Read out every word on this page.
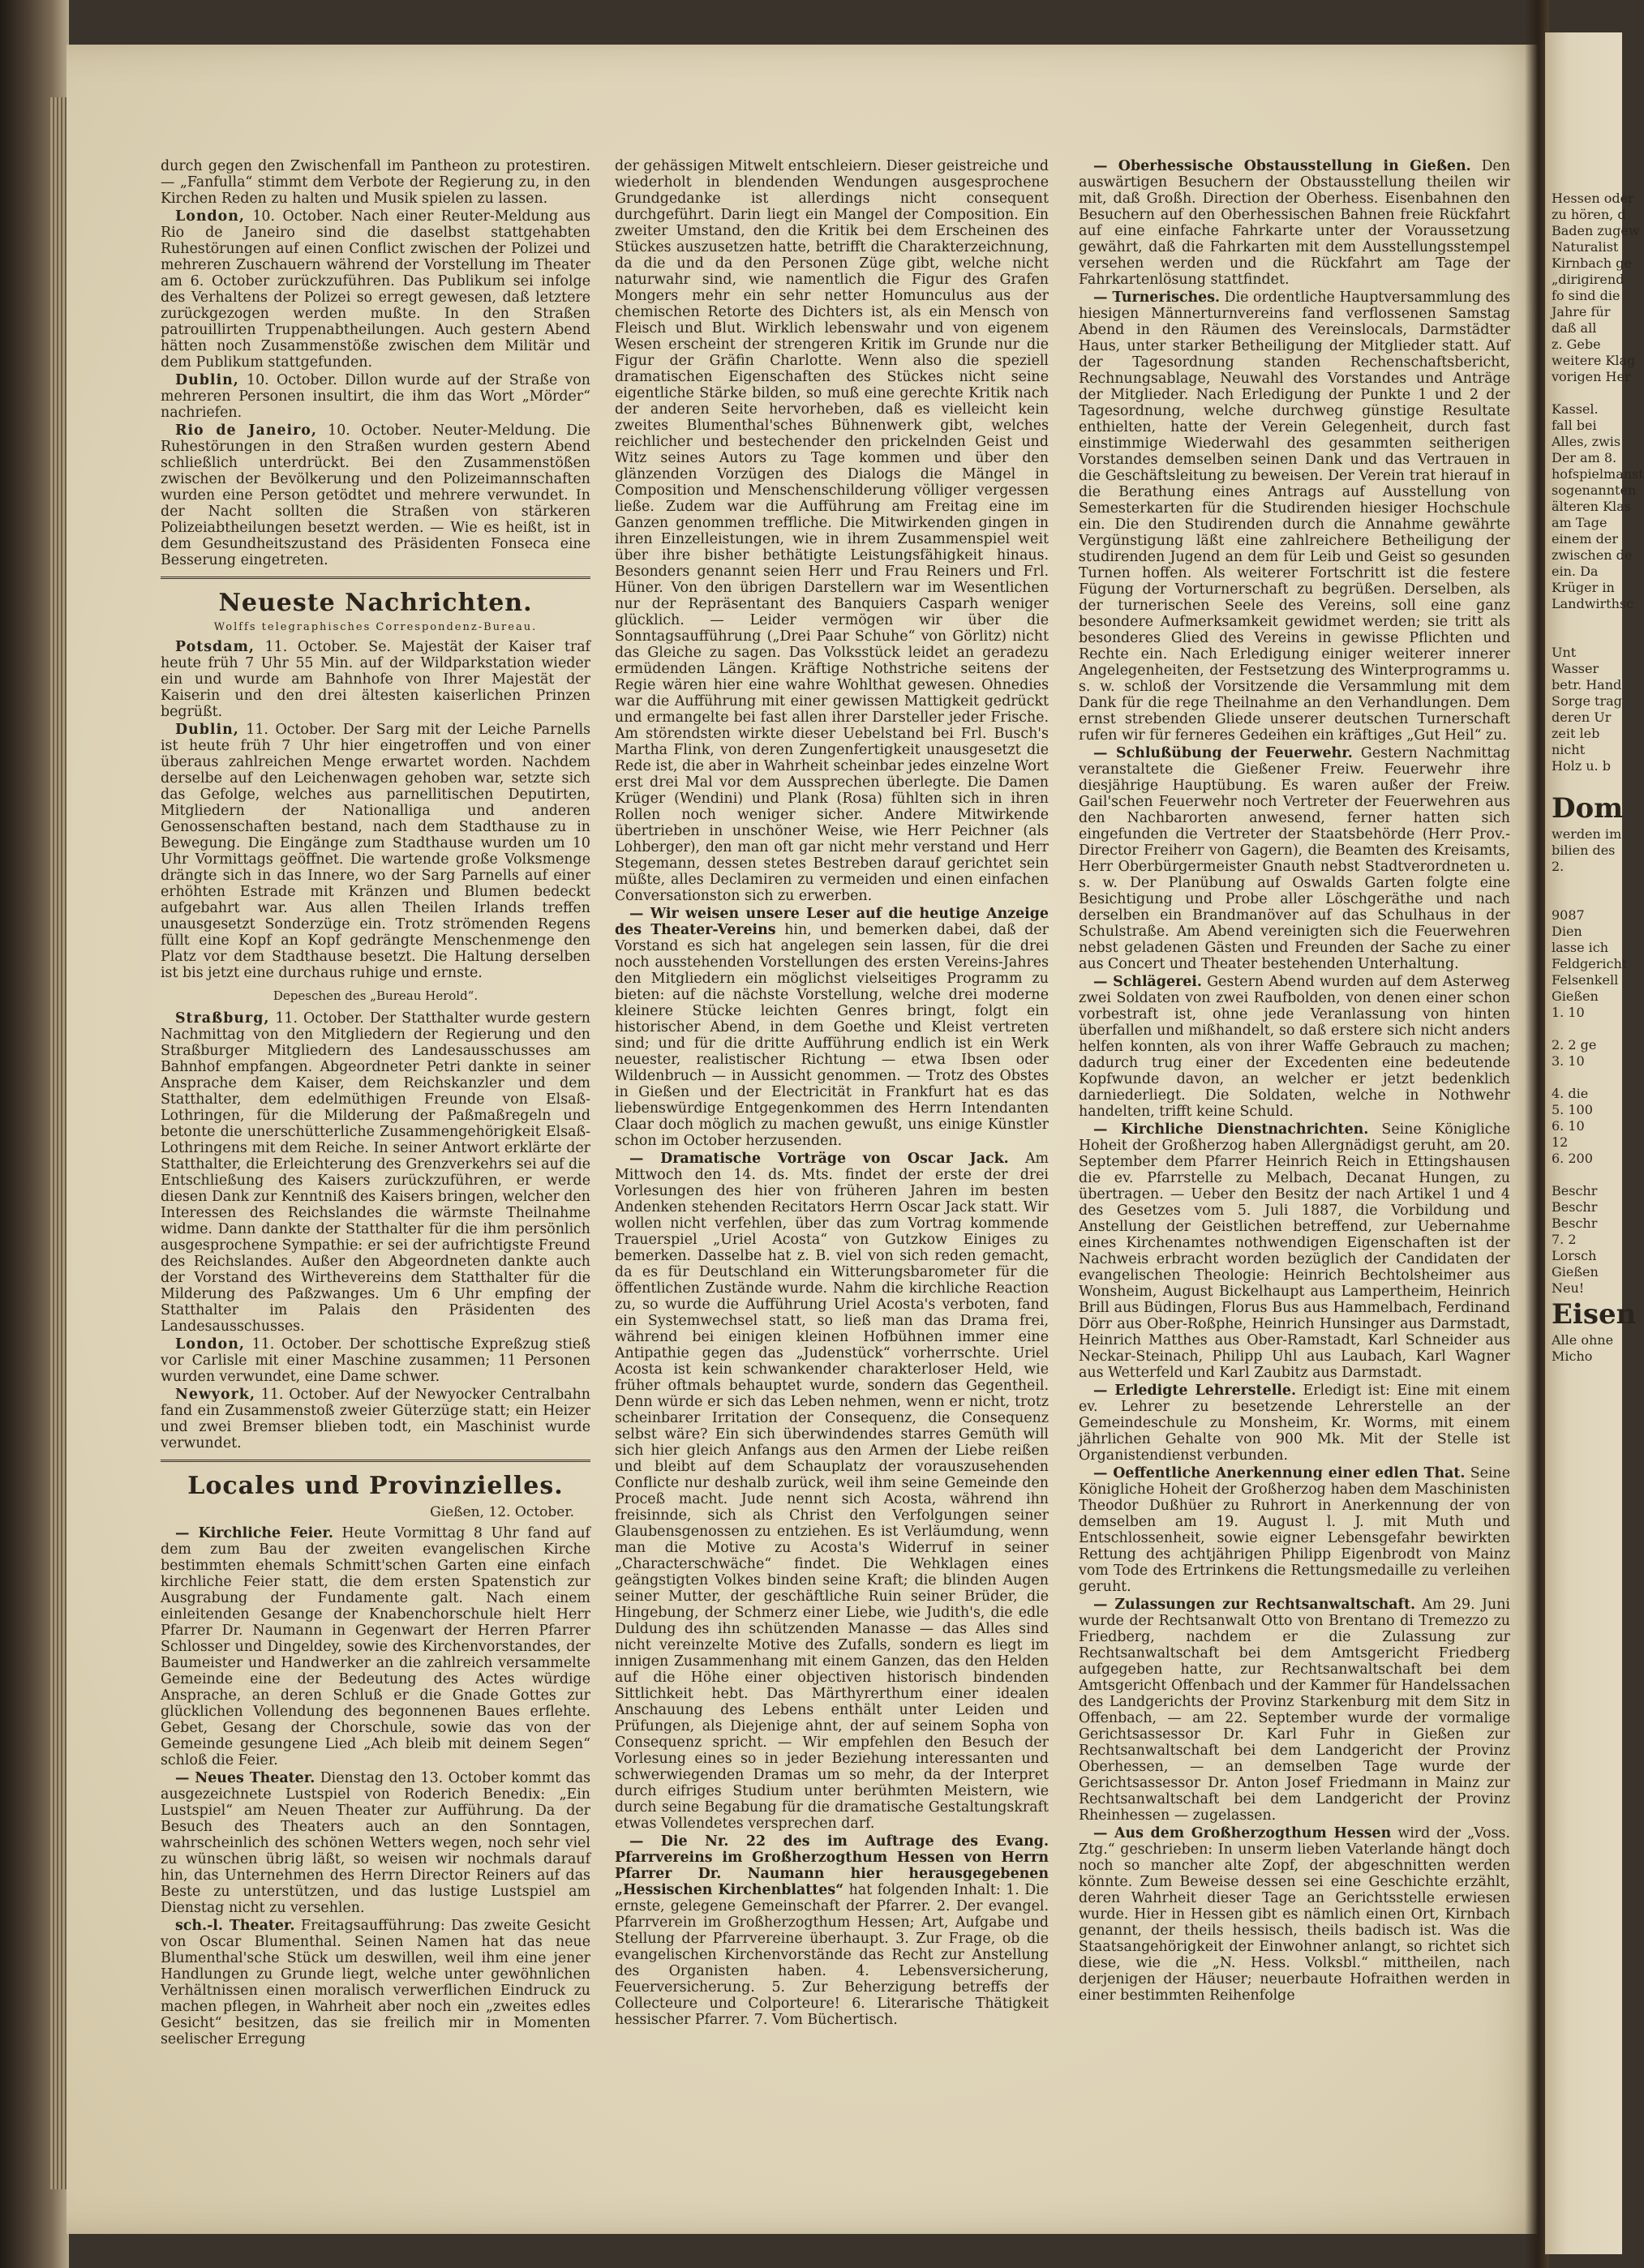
durch gegen den Zwischenfall im Pantheon zu protestiren. — „Fanfulla“ stimmt dem Verbote der Regierung zu, in den Kirchen Reden zu halten und Musik spielen zu lassen.

London, 10. October. Nach einer Reuter-Meldung aus Rio de Janeiro sind die daselbst stattgehabten Ruhestörungen auf einen Conflict zwischen der Polizei und mehreren Zuschauern während der Vorstellung im Theater am 6. October zurückzuführen. Das Publikum sei infolge des Verhaltens der Polizei so erregt gewesen, daß letztere zurückgezogen werden mußte. In den Straßen patrouillirten Truppenabtheilungen. Auch gestern Abend hätten noch Zusammenstöße zwischen dem Militär und dem Publikum stattgefunden.

Dublin, 10. October. Dillon wurde auf der Straße von mehreren Personen insultirt, die ihm das Wort „Mörder“ nachriefen.

Rio de Janeiro, 10. October. Neuter-Meldung. Die Ruhestörungen in den Straßen wurden gestern Abend schließlich unterdrückt. Bei den Zusammenstößen zwischen der Bevölkerung und den Polizeimannschaften wurden eine Person getödtet und mehrere verwundet. In der Nacht sollten die Straßen von stärkeren Polizeiabtheilungen besetzt werden. — Wie es heißt, ist in dem Gesundheitszustand des Präsidenten Fonseca eine Besserung eingetreten.

Neueste Nachrichten.
Wolffs telegraphisches Correspondenz-Bureau.

Potsdam, 11. October. Se. Majestät der Kaiser traf heute früh 7 Uhr 55 Min. auf der Wildparkstation wieder ein und wurde am Bahnhofe von Ihrer Majestät der Kaiserin und den drei ältesten kaiserlichen Prinzen begrüßt.

Dublin, 11. October. Der Sarg mit der Leiche Parnells ist heute früh 7 Uhr hier eingetroffen und von einer überaus zahlreichen Menge erwartet worden. Nachdem derselbe auf den Leichenwagen gehoben war, setzte sich das Gefolge, welches aus parnellitischen Deputirten, Mitgliedern der Nationalliga und anderen Genossenschaften bestand, nach dem Stadthause zu in Bewegung. Die Eingänge zum Stadthause wurden um 10 Uhr Vormittags geöffnet. Die wartende große Volksmenge drängte sich in das Innere, wo der Sarg Parnells auf einer erhöhten Estrade mit Kränzen und Blumen bedeckt aufgebahrt war. Aus allen Theilen Irlands treffen unausgesetzt Sonderzüge ein. Trotz strömenden Regens füllt eine Kopf an Kopf gedrängte Menschenmenge den Platz vor dem Stadthause besetzt. Die Haltung derselben ist bis jetzt eine durchaus ruhige und ernste.

Depeschen des „Bureau Herold“.

Straßburg, 11. October. Der Statthalter wurde gestern Nachmittag von den Mitgliedern der Regierung und den Straßburger Mitgliedern des Landesausschusses am Bahnhof empfangen. Abgeordneter Petri dankte in seiner Ansprache dem Kaiser, dem Reichskanzler und dem Statthalter, dem edelmüthigen Freunde von Elsaß-Lothringen, für die Milderung der Paßmaßregeln und betonte die unerschütterliche Zusammengehörigkeit Elsaß-Lothringens mit dem Reiche. In seiner Antwort erklärte der Statthalter, die Erleichterung des Grenzverkehrs sei auf die Entschließung des Kaisers zurückzuführen, er werde diesen Dank zur Kenntniß des Kaisers bringen, welcher den Interessen des Reichslandes die wärmste Theilnahme widme. Dann dankte der Statthalter für die ihm persönlich ausgesprochene Sympathie: er sei der aufrichtigste Freund des Reichslandes. Außer den Abgeordneten dankte auch der Vorstand des Wirthevereins dem Statthalter für die Milderung des Paßzwanges. Um 6 Uhr empfing der Statthalter im Palais den Präsidenten des Landesausschusses.

London, 11. October. Der schottische Expreßzug stieß vor Carlisle mit einer Maschine zusammen; 11 Personen wurden verwundet, eine Dame schwer.

Newyork, 11. October. Auf der Newyocker Centralbahn fand ein Zusammenstoß zweier Güterzüge statt; ein Heizer und zwei Bremser blieben todt, ein Maschinist wurde verwundet.

Locales und Provinzielles.
Gießen, 12. October.

— Kirchliche Feier. Heute Vormittag 8 Uhr fand auf dem zum Bau der zweiten evangelischen Kirche bestimmten ehemals Schmitt'schen Garten eine einfach kirchliche Feier statt, die dem ersten Spatenstich zur Ausgrabung der Fundamente galt. Nach einem einleitenden Gesange der Knabenchorschule hielt Herr Pfarrer Dr. Naumann in Gegenwart der Herren Pfarrer Schlosser und Dingeldey, sowie des Kirchenvorstandes, der Baumeister und Handwerker an die zahlreich versammelte Gemeinde eine der Bedeutung des Actes würdige Ansprache, an deren Schluß er die Gnade Gottes zur glücklichen Vollendung des begonnenen Baues erflehte. Gebet, Gesang der Chorschule, sowie das von der Gemeinde gesungene Lied „Ach bleib mit deinem Segen“ schloß die Feier.

— Neues Theater. Dienstag den 13. October kommt das ausgezeichnete Lustspiel von Roderich Benedix: „Ein Lustspiel“ am Neuen Theater zur Aufführung. Da der Besuch des Theaters auch an den Sonntagen, wahrscheinlich des schönen Wetters wegen, noch sehr viel zu wünschen übrig läßt, so weisen wir nochmals darauf hin, das Unternehmen des Herrn Director Reiners auf das Beste zu unterstützen, und das lustige Lustspiel am Dienstag nicht zu versehlen.

sch.-l. Theater. Freitagsaufführung: Das zweite Gesicht von Oscar Blumenthal. Seinen Namen hat das neue Blumenthal'sche Stück um deswillen, weil ihm eine jener Handlungen zu Grunde liegt, welche unter gewöhnlichen Verhältnissen einen moralisch verwerflichen Eindruck zu machen pflegen, in Wahrheit aber noch ein „zweites edles Gesicht“ besitzen, das sie freilich mir in Momenten seelischer Erregung

der gehässigen Mitwelt entschleiern. Dieser geistreiche und wiederholt in blendenden Wendungen ausgesprochene Grundgedanke ist allerdings nicht consequent durchgeführt. Darin liegt ein Mangel der Composition. Ein zweiter Umstand, den die Kritik bei dem Erscheinen des Stückes auszusetzen hatte, betrifft die Charakterzeichnung, da die und da den Personen Züge gibt, welche nicht naturwahr sind, wie namentlich die Figur des Grafen Mongers mehr ein sehr netter Homunculus aus der chemischen Retorte des Dichters ist, als ein Mensch von Fleisch und Blut. Wirklich lebenswahr und von eigenem Wesen erscheint der strengeren Kritik im Grunde nur die Figur der Gräfin Charlotte. Wenn also die speziell dramatischen Eigenschaften des Stückes nicht seine eigentliche Stärke bilden, so muß eine gerechte Kritik nach der anderen Seite hervorheben, daß es vielleicht kein zweites Blumenthal'sches Bühnenwerk gibt, welches reichlicher und bestechender den prickelnden Geist und Witz seines Autors zu Tage kommen und über den glänzenden Vorzügen des Dialogs die Mängel in Composition und Menschenschilderung völliger vergessen ließe. Zudem war die Aufführung am Freitag eine im Ganzen genommen treffliche. Die Mitwirkenden gingen in ihren Einzelleistungen, wie in ihrem Zusammenspiel weit über ihre bisher bethätigte Leistungsfähigkeit hinaus. Besonders genannt seien Herr und Frau Reiners und Frl. Hüner. Von den übrigen Darstellern war im Wesentlichen nur der Repräsentant des Banquiers Casparh weniger glücklich. — Leider vermögen wir über die Sonntagsaufführung („Drei Paar Schuhe“ von Görlitz) nicht das Gleiche zu sagen. Das Volksstück leidet an geradezu ermüdenden Längen. Kräftige Nothstriche seitens der Regie wären hier eine wahre Wohlthat gewesen. Ohnedies war die Aufführung mit einer gewissen Mattigkeit gedrückt und ermangelte bei fast allen ihrer Darsteller jeder Frische. Am störendsten wirkte dieser Uebelstand bei Frl. Busch's Martha Flink, von deren Zungenfertigkeit unausgesetzt die Rede ist, die aber in Wahrheit scheinbar jedes einzelne Wort erst drei Mal vor dem Aussprechen überlegte. Die Damen Krüger (Wendini) und Plank (Rosa) fühlten sich in ihren Rollen noch weniger sicher. Andere Mitwirkende übertrieben in unschöner Weise, wie Herr Peichner (als Lohberger), den man oft gar nicht mehr verstand und Herr Stegemann, dessen stetes Bestreben darauf gerichtet sein müßte, alles Declamiren zu vermeiden und einen einfachen Conversationston sich zu erwerben.

— Wir weisen unsere Leser auf die heutige Anzeige des Theater-Vereins hin, und bemerken dabei, daß der Vorstand es sich hat angelegen sein lassen, für die drei noch ausstehenden Vorstellungen des ersten Vereins-Jahres den Mitgliedern ein möglichst vielseitiges Programm zu bieten: auf die nächste Vorstellung, welche drei moderne kleinere Stücke leichten Genres bringt, folgt ein historischer Abend, in dem Goethe und Kleist vertreten sind; und für die dritte Aufführung endlich ist ein Werk neuester, realistischer Richtung — etwa Ibsen oder Wildenbruch — in Aussicht genommen. — Trotz des Obstes in Gießen und der Electricität in Frankfurt hat es das liebenswürdige Entgegenkommen des Herrn Intendanten Claar doch möglich zu machen gewußt, uns einige Künstler schon im October herzusenden.

— Dramatische Vorträge von Oscar Jack. Am Mittwoch den 14. ds. Mts. findet der erste der drei Vorlesungen des hier von früheren Jahren im besten Andenken stehenden Recitators Herrn Oscar Jack statt. Wir wollen nicht verfehlen, über das zum Vortrag kommende Trauerspiel „Uriel Acosta“ von Gutzkow Einiges zu bemerken. Dasselbe hat z. B. viel von sich reden gemacht, da es für Deutschland ein Witterungsbarometer für die öffentlichen Zustände wurde. Nahm die kirchliche Reaction zu, so wurde die Aufführung Uriel Acosta's verboten, fand ein Systemwechsel statt, so ließ man das Drama frei, während bei einigen kleinen Hofbühnen immer eine Antipathie gegen das „Judenstück“ vorherrschte. Uriel Acosta ist kein schwankender charakterloser Held, wie früher oftmals behauptet wurde, sondern das Gegentheil. Denn würde er sich das Leben nehmen, wenn er nicht, trotz scheinbarer Irritation der Consequenz, die Consequenz selbst wäre? Ein sich überwindendes starres Gemüth will sich hier gleich Anfangs aus den Armen der Liebe reißen und bleibt auf dem Schauplatz der vorauszusehenden Conflicte nur deshalb zurück, weil ihm seine Gemeinde den Proceß macht. Jude nennt sich Acosta, während ihn freisinnde, sich als Christ den Verfolgungen seiner Glaubensgenossen zu entziehen. Es ist Verläumdung, wenn man die Motive zu Acosta's Widerruf in seiner „Characterschwäche“ findet. Die Wehklagen eines geängstigten Volkes binden seine Kraft; die blinden Augen seiner Mutter, der geschäftliche Ruin seiner Brüder, die Hingebung, der Schmerz einer Liebe, wie Judith's, die edle Duldung des ihn schützenden Manasse — das Alles sind nicht vereinzelte Motive des Zufalls, sondern es liegt im innigen Zusammenhang mit einem Ganzen, das den Helden auf die Höhe einer objectiven historisch bindenden Sittlichkeit hebt. Das Märthyrerthum einer idealen Anschauung des Lebens enthält unter Leiden und Prüfungen, als Diejenige ahnt, der auf seinem Sopha von Consequenz spricht. — Wir empfehlen den Besuch der Vorlesung eines so in jeder Beziehung interessanten und schwerwiegenden Dramas um so mehr, da der Interpret durch eifriges Studium unter berühmten Meistern, wie durch seine Begabung für die dramatische Gestaltungskraft etwas Vollendetes versprechen darf.

— Die Nr. 22 des im Auftrage des Evang. Pfarrvereins im Großherzogthum Hessen von Herrn Pfarrer Dr. Naumann hier herausgegebenen „Hessischen Kirchenblattes“ hat folgenden Inhalt: 1. Die ernste, gelegene Gemeinschaft der Pfarrer. 2. Der evangel. Pfarrverein im Großherzogthum Hessen; Art, Aufgabe und Stellung der Pfarrvereine überhaupt. 3. Zur Frage, ob die evangelischen Kirchenvorstände das Recht zur Anstellung des Organisten haben. 4. Lebensversicherung, Feuerversicherung. 5. Zur Beherzigung betreffs der Collecteure und Colporteure! 6. Literarische Thätigkeit hessischer Pfarrer. 7. Vom Büchertisch.

— Oberhessische Obstausstellung in Gießen. Den auswärtigen Besuchern der Obstausstellung theilen wir mit, daß Großh. Direction der Oberhess. Eisenbahnen den Besuchern auf den Oberhessischen Bahnen freie Rückfahrt auf eine einfache Fahrkarte unter der Voraussetzung gewährt, daß die Fahrkarten mit dem Ausstellungsstempel versehen werden und die Rückfahrt am Tage der Fahrkartenlösung stattfindet.

— Turnerisches. Die ordentliche Hauptversammlung des hiesigen Männerturnvereins fand verflossenen Samstag Abend in den Räumen des Vereinslocals, Darmstädter Haus, unter starker Betheiligung der Mitglieder statt. Auf der Tagesordnung standen Rechenschaftsbericht, Rechnungsablage, Neuwahl des Vorstandes und Anträge der Mitglieder. Nach Erledigung der Punkte 1 und 2 der Tagesordnung, welche durchweg günstige Resultate enthielten, hatte der Verein Gelegenheit, durch fast einstimmige Wiederwahl des gesammten seitherigen Vorstandes demselben seinen Dank und das Vertrauen in die Geschäftsleitung zu beweisen. Der Verein trat hierauf in die Berathung eines Antrags auf Ausstellung von Semesterkarten für die Studirenden hiesiger Hochschule ein. Die den Studirenden durch die Annahme gewährte Vergünstigung läßt eine zahlreichere Betheiligung der studirenden Jugend an dem für Leib und Geist so gesunden Turnen hoffen. Als weiterer Fortschritt ist die festere Fügung der Vorturnerschaft zu begrüßen. Derselben, als der turnerischen Seele des Vereins, soll eine ganz besondere Aufmerksamkeit gewidmet werden; sie tritt als besonderes Glied des Vereins in gewisse Pflichten und Rechte ein. Nach Erledigung einiger weiterer innerer Angelegenheiten, der Festsetzung des Winterprogramms u. s. w. schloß der Vorsitzende die Versammlung mit dem Dank für die rege Theilnahme an den Verhandlungen. Dem ernst strebenden Gliede unserer deutschen Turnerschaft rufen wir für ferneres Gedeihen ein kräftiges „Gut Heil“ zu.

— Schlußübung der Feuerwehr. Gestern Nachmittag veranstaltete die Gießener Freiw. Feuerwehr ihre diesjährige Hauptübung. Es waren außer der Freiw. Gail'schen Feuerwehr noch Vertreter der Feuerwehren aus den Nachbarorten anwesend, ferner hatten sich eingefunden die Vertreter der Staatsbehörde (Herr Prov.-Director Freiherr von Gagern), die Beamten des Kreisamts, Herr Oberbürgermeister Gnauth nebst Stadtverordneten u. s. w. Der Planübung auf Oswalds Garten folgte eine Besichtigung und Probe aller Löschgeräthe und nach derselben ein Brandmanöver auf das Schulhaus in der Schulstraße. Am Abend vereinigten sich die Feuerwehren nebst geladenen Gästen und Freunden der Sache zu einer aus Concert und Theater bestehenden Unterhaltung.

— Schlägerei. Gestern Abend wurden auf dem Asterweg zwei Soldaten von zwei Raufbolden, von denen einer schon vorbestraft ist, ohne jede Veranlassung von hinten überfallen und mißhandelt, so daß erstere sich nicht anders helfen konnten, als von ihrer Waffe Gebrauch zu machen; dadurch trug einer der Excedenten eine bedeutende Kopfwunde davon, an welcher er jetzt bedenklich darniederliegt. Die Soldaten, welche in Nothwehr handelten, trifft keine Schuld.

— Kirchliche Dienstnachrichten. Seine Königliche Hoheit der Großherzog haben Allergnädigst geruht, am 20. September dem Pfarrer Heinrich Reich in Ettingshausen die ev. Pfarrstelle zu Melbach, Decanat Hungen, zu übertragen. — Ueber den Besitz der nach Artikel 1 und 4 des Gesetzes vom 5. Juli 1887, die Vorbildung und Anstellung der Geistlichen betreffend, zur Uebernahme eines Kirchenamtes nothwendigen Eigenschaften ist der Nachweis erbracht worden bezüglich der Candidaten der evangelischen Theologie: Heinrich Bechtolsheimer aus Wonsheim, August Bickelhaupt aus Lampertheim, Heinrich Brill aus Büdingen, Florus Bus aus Hammelbach, Ferdinand Dörr aus Ober-Roßphe, Heinrich Hunsinger aus Darmstadt, Heinrich Matthes aus Ober-Ramstadt, Karl Schneider aus Neckar-Steinach, Philipp Uhl aus Laubach, Karl Wagner aus Wetterfeld und Karl Zaubitz aus Darmstadt.

— Erledigte Lehrerstelle. Erledigt ist: Eine mit einem ev. Lehrer zu besetzende Lehrerstelle an der Gemeindeschule zu Monsheim, Kr. Worms, mit einem jährlichen Gehalte von 900 Mk. Mit der Stelle ist Organistendienst verbunden.

— Oeffentliche Anerkennung einer edlen That. Seine Königliche Hoheit der Großherzog haben dem Maschinisten Theodor Dußhüer zu Ruhrort in Anerkennung der von demselben am 19. August l. J. mit Muth und Entschlossenheit, sowie eigner Lebensgefahr bewirkten Rettung des achtjährigen Philipp Eigenbrodt von Mainz vom Tode des Ertrinkens die Rettungsmedaille zu verleihen geruht.

— Zulassungen zur Rechtsanwaltschaft. Am 29. Juni wurde der Rechtsanwalt Otto von Brentano di Tremezzo zu Friedberg, nachdem er die Zulassung zur Rechtsanwaltschaft bei dem Amtsgericht Friedberg aufgegeben hatte, zur Rechtsanwaltschaft bei dem Amtsgericht Offenbach und der Kammer für Handelssachen des Landgerichts der Provinz Starkenburg mit dem Sitz in Offenbach, — am 22. September wurde der vormalige Gerichtsassessor Dr. Karl Fuhr in Gießen zur Rechtsanwaltschaft bei dem Landgericht der Provinz Oberhessen, — an demselben Tage wurde der Gerichtsassessor Dr. Anton Josef Friedmann in Mainz zur Rechtsanwaltschaft bei dem Landgericht der Provinz Rheinhessen — zugelassen.

— Aus dem Großherzogthum Hessen wird der „Voss. Ztg.“ geschrieben: In unserm lieben Vaterlande hängt doch noch so mancher alte Zopf, der abgeschnitten werden könnte. Zum Beweise dessen sei eine Geschichte erzählt, deren Wahrheit dieser Tage an Gerichtsstelle erwiesen wurde. Hier in Hessen gibt es nämlich einen Ort, Kirnbach genannt, der theils hessisch, theils badisch ist. Was die Staatsangehörigkeit der Einwohner anlangt, so richtet sich diese, wie die „N. Hess. Volksbl.“ mittheilen, nach derjenigen der Häuser; neuerbaute Hofraithen werden in einer bestimmten Reihenfolge

Hessen oder
zu hören, d
Baden zugew
Naturalist
Kirnbach ge
„dirigirend
fo sind die
Jahre für
daß all
z. Gebe
weitere Klag
vorigen Her
Kassel.
fall bei
Alles, zwis
Der am 8.
hofspielmanst
sogenannten
älteren Klas
am Tage
einem der
zwischen de
ein. Da
Krüger in
Landwirthsc
Unt
Wasser
betr. Hand
Sorge trag
deren Ur
zeit leb
nicht
Holz u. b
Dom
werden im
bilien des
2.
9087
Dien
lasse ich
Feldgericht
Felsenkell
Gießen
1. 10
2. 2 ge
3. 10
4. die
5. 100
6. 10
12
6. 200
Beschr
Beschr
Beschr
7. 2
Lorsch
Gießen
Neu!
Eisen
Alle ohne
Micho
